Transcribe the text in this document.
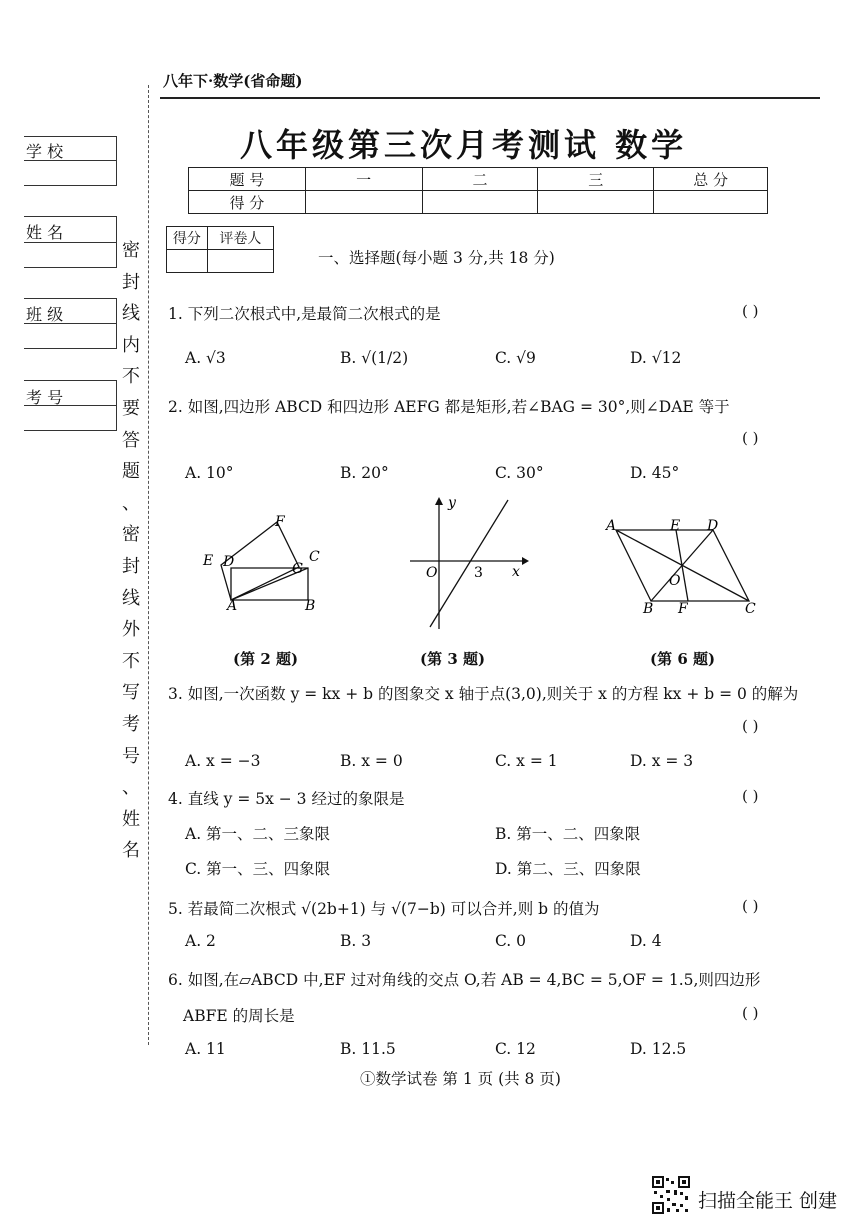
八年下·数学(省命题)
八年级第三次月考测试 数学
学 校
姓 名
班 级
考 号
密
封
线
内
不
要
答
题
、
密
封
线
外
不
写
考
号
、
姓
名
题 号	一	二	三	总 分
得 分				
得分	评卷人

一、选择题(每小题 3 分,共 18 分)
1. 下列二次根式中,是最简二次根式的是	( )
A. √3	B. √(1/2)	C. √9	D. √12
2. 如图,四边形 ABCD 和四边形 AEFG 都是矩形,若∠BAG = 30°,则∠DAE 等于
( )
A. 10°	B. 20°	C. 30°	D. 45°
F
E D	C
G
A	B
(第 2 题)
y
O	3 x
(第 3 题)
A	E D
O
B F	C
(第 6 题)
3. 如图,一次函数 y = kx + b 的图象交 x 轴于点(3,0),则关于 x 的方程 kx + b = 0 的解为
( )
A. x = −3	B. x = 0	C. x = 1	D. x = 3
4. 直线 y = 5x − 3 经过的象限是	( )
A. 第一、二、三象限	B. 第一、二、四象限
C. 第一、三、四象限	D. 第二、三、四象限
5. 若最简二次根式 √(2b+1) 与 √(7−b) 可以合并,则 b 的值为	( )
A. 2	B. 3	C. 0	D. 4
6. 如图,在▱ABCD 中,EF 过对角线的交点 O,若 AB = 4,BC = 5,OF = 1.5,则四边形
ABFE 的周长是	( )
A. 11	B. 11.5	C. 12	D. 12.5
①数学试卷 第 1 页 (共 8 页)
扫描全能王 创建
